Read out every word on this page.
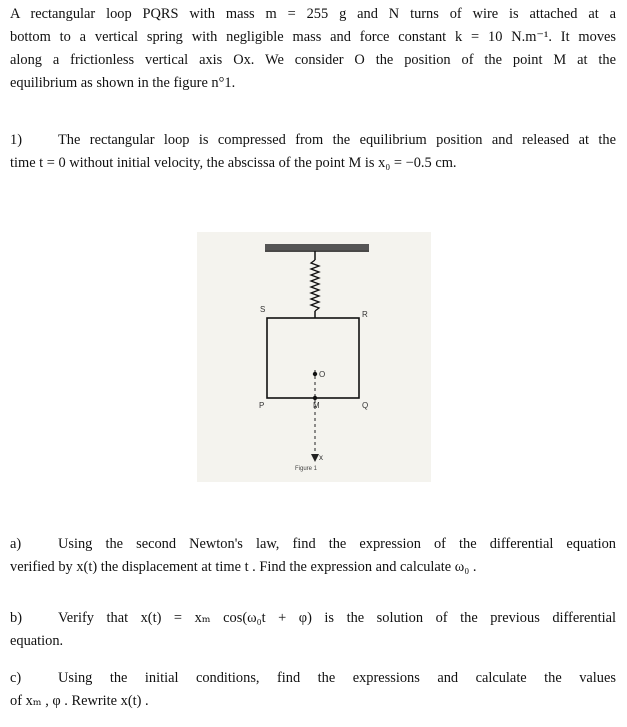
A rectangular loop PQRS with mass m = 255 g and N turns of wire is attached at a
bottom to a vertical spring with negligible mass and force constant k = 10 N.m⁻¹. It moves
along a frictionless vertical axis Ox. We consider O the position of the point M at the
equilibrium as shown in the figure n°1.
1)	The rectangular loop is compressed from the equilibrium position and released at the
time t = 0 without initial velocity, the abscissa of the point M is x₀ = −0.5 cm.
S
R
P	Q
O
M
x
Figure 1
a)	Using the second Newton's law, find the expression of the differential equation
verified by x(t) the displacement at time t . Find the expression and calculate ω₀ .
b)	Verify that x(t) = xₘ cos(ω₀t + φ) is the solution of the previous differential
equation.
c)	Using the initial conditions, find the expressions and calculate the values
of xₘ , φ . Rewrite x(t) .
